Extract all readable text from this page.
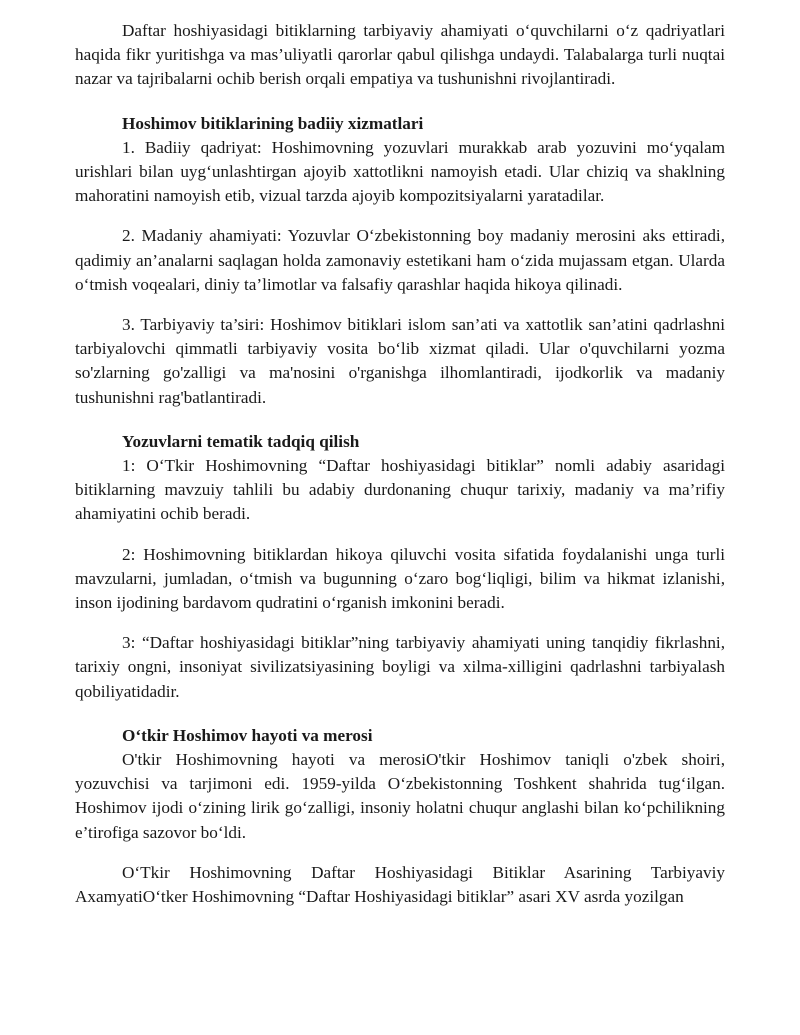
Daftar hoshiyasidagi bitiklarning tarbiyaviy ahamiyati o‘quvchilarni o‘z qadriyatlari haqida fikr yuritishga va mas’uliyatli qarorlar qabul qilishga undaydi. Talabalarga turli nuqtai nazar va tajribalarni ochib berish orqali empatiya va tushunishni rivojlantiradi.

Hoshimov bitiklarining badiiy xizmatlari

1. Badiiy qadriyat: Hoshimovning yozuvlari murakkab arab yozuvini mo‘yqalam urishlari bilan uyg‘unlashtirgan ajoyib xattotlikni namoyish etadi. Ular chiziq va shaklning mahoratini namoyish etib, vizual tarzda ajoyib kompozitsiyalarni yaratadilar.

2. Madaniy ahamiyati: Yozuvlar O‘zbekistonning boy madaniy merosini aks ettiradi, qadimiy an’analarni saqlagan holda zamonaviy estetikani ham o‘zida mujassam etgan. Ularda o‘tmish voqealari, diniy ta’limotlar va falsafiy qarashlar haqida hikoya qilinadi.

3. Tarbiyaviy ta’siri: Hoshimov bitiklari islom san’ati va xattotlik san’atini qadrlashni tarbiyalovchi qimmatli tarbiyaviy vosita bo‘lib xizmat qiladi. Ular o'quvchilarni yozma so'zlarning go'zalligi va ma'nosini o'rganishga ilhomlantiradi, ijodkorlik va madaniy tushunishni rag'batlantiradi.

Yozuvlarni tematik tadqiq qilish

1: O‘Tkir Hoshimovning “Daftar hoshiyasidagi bitiklar” nomli adabiy asaridagi bitiklarning mavzuiy tahlili bu adabiy durdonaning chuqur tarixiy, madaniy va ma’rifiy ahamiyatini ochib beradi.

2: Hoshimovning bitiklardan hikoya qiluvchi vosita sifatida foydalanishi unga turli mavzularni, jumladan, o‘tmish va bugunning o‘zaro bog‘liqligi, bilim va hikmat izlanishi, inson ijodining bardavom qudratini o‘rganish imkonini beradi.

3: “Daftar hoshiyasidagi bitiklar”ning tarbiyaviy ahamiyati uning tanqidiy fikrlashni, tarixiy ongni, insoniyat sivilizatsiyasining boyligi va xilma-xilligini qadrlashni tarbiyalash qobiliyatidadir.

O‘tkir Hoshimov hayoti va merosi

O'tkir Hoshimovning hayoti va merosiO'tkir Hoshimov taniqli o'zbek shoiri, yozuvchisi va tarjimoni edi. 1959-yilda O‘zbekistonning Toshkent shahrida tug‘ilgan. Hoshimov ijodi o‘zining lirik go‘zalligi, insoniy holatni chuqur anglashi bilan ko‘pchilikning e’tirofiga sazovor bo‘ldi.

O‘Tkir Hoshimovning Daftar Hoshiyasidagi Bitiklar Asarining Tarbiyaviy AxamyatiO‘tker Hoshimovning “Daftar Hoshiyasidagi bitiklar” asari XV asrda yozilgan
